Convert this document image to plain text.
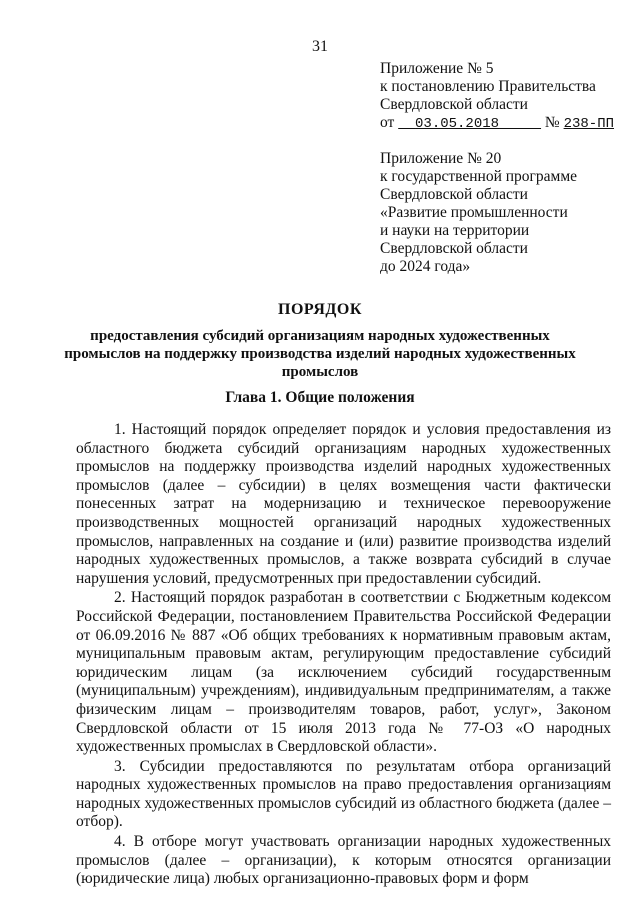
31
Приложение № 5
к постановлению Правительства
Свердловской области
от 03.05.2018	№ 238-ПП
Приложение № 20
к государственной программе
Свердловской области
«Развитие промышленности
и науки на территории
Свердловской области
до 2024 года»
ПОРЯДОК
предоставления субсидий организациям народных художественных промыслов на поддержку производства изделий народных художественных промыслов
Глава 1. Общие положения

1. Настоящий порядок определяет порядок и условия предоставления из областного бюджета субсидий организациям народных художественных промыслов на поддержку производства изделий народных художественных промыслов (далее – субсидии) в целях возмещения части фактически понесенных затрат на модернизацию и техническое перевооружение производственных мощностей организаций народных художественных промыслов, направленных на создание и (или) развитие производства изделий народных художественных промыслов, а также возврата субсидий в случае нарушения условий, предусмотренных при предоставлении субсидий.

2. Настоящий порядок разработан в соответствии с Бюджетным кодексом Российской Федерации, постановлением Правительства Российской Федерации от 06.09.2016 № 887 «Об общих требованиях к нормативным правовым актам, муниципальным правовым актам, регулирующим предоставление субсидий юридическим лицам (за исключением субсидий государственным (муниципальным) учреждениям), индивидуальным предпринимателям, а также физическим лицам – производителям товаров, работ, услуг», Законом Свердловской области от 15 июля 2013 года № 77-ОЗ «О народных художественных промыслах в Свердловской области».

3. Субсидии предоставляются по результатам отбора организаций народных художественных промыслов на право предоставления организациям народных художественных промыслов субсидий из областного бюджета (далее – отбор).

4. В отборе могут участвовать организации народных художественных промыслов (далее – организации), к которым относятся организации (юридические лица) любых организационно-правовых форм и форм
